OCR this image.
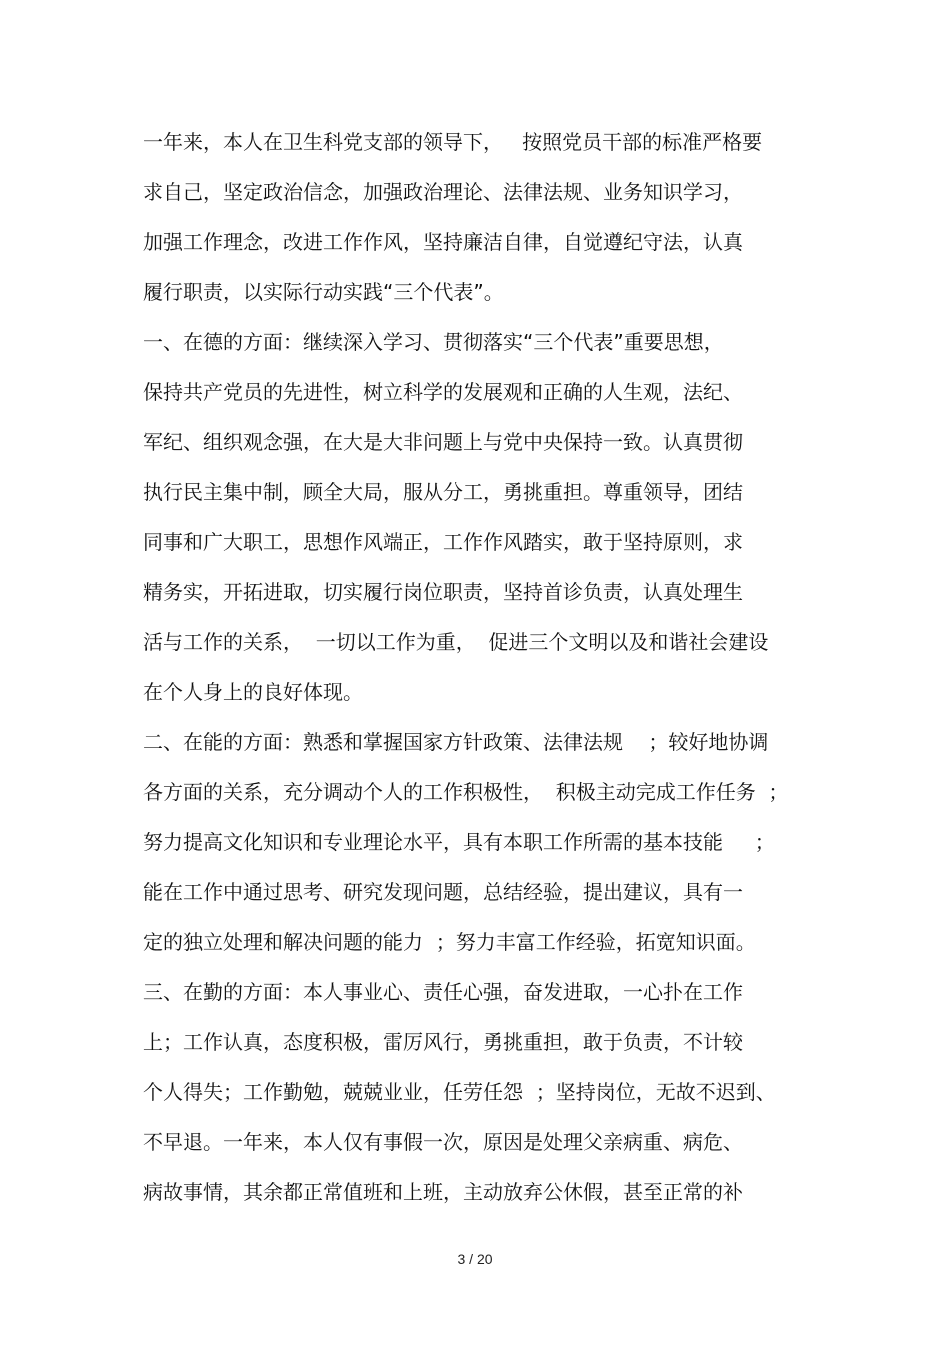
一年来，本人在卫生科党支部的领导下，   按照党员干部的标准严格要
求自己，坚定政治信念，加强政治理论、法律法规、业务知识学习，
加强工作理念，改进工作作风，坚持廉洁自律，自觉遵纪守法，认真
履行职责，以实际行动实践“三个代表”。
一、在德的方面：继续深入学习、贯彻落实“三个代表”重要思想，
保持共产党员的先进性，树立科学的发展观和正确的人生观，法纪、
军纪、组织观念强，在大是大非问题上与党中央保持一致。认真贯彻
执行民主集中制，顾全大局，服从分工，勇挑重担。尊重领导，团结
同事和广大职工，思想作风端正，工作作风踏实，敢于坚持原则，求
精务实，开拓进取，切实履行岗位职责，坚持首诊负责，认真处理生
活与工作的关系，  一切以工作为重，  促进三个文明以及和谐社会建设
在个人身上的良好体现。
二、在能的方面：熟悉和掌握国家方针政策、法律法规    ；较好地协调
各方面的关系，充分调动个人的工作积极性，  积极主动完成工作任务  ；
努力提高文化知识和专业理论水平，具有本职工作所需的基本技能     ；
能在工作中通过思考、研究发现问题，总结经验，提出建议，具有一
定的独立处理和解决问题的能力  ；努力丰富工作经验，拓宽知识面。
三、在勤的方面：本人事业心、责任心强，奋发进取，一心扑在工作
上；工作认真，态度积极，雷厉风行，勇挑重担，敢于负责，不计较
个人得失；工作勤勉，兢兢业业，任劳任怨  ；坚持岗位，无故不迟到、
不早退。一年来，本人仅有事假一次，原因是处理父亲病重、病危、
病故事情，其余都正常值班和上班，主动放弃公休假，甚至正常的补
3 / 20
